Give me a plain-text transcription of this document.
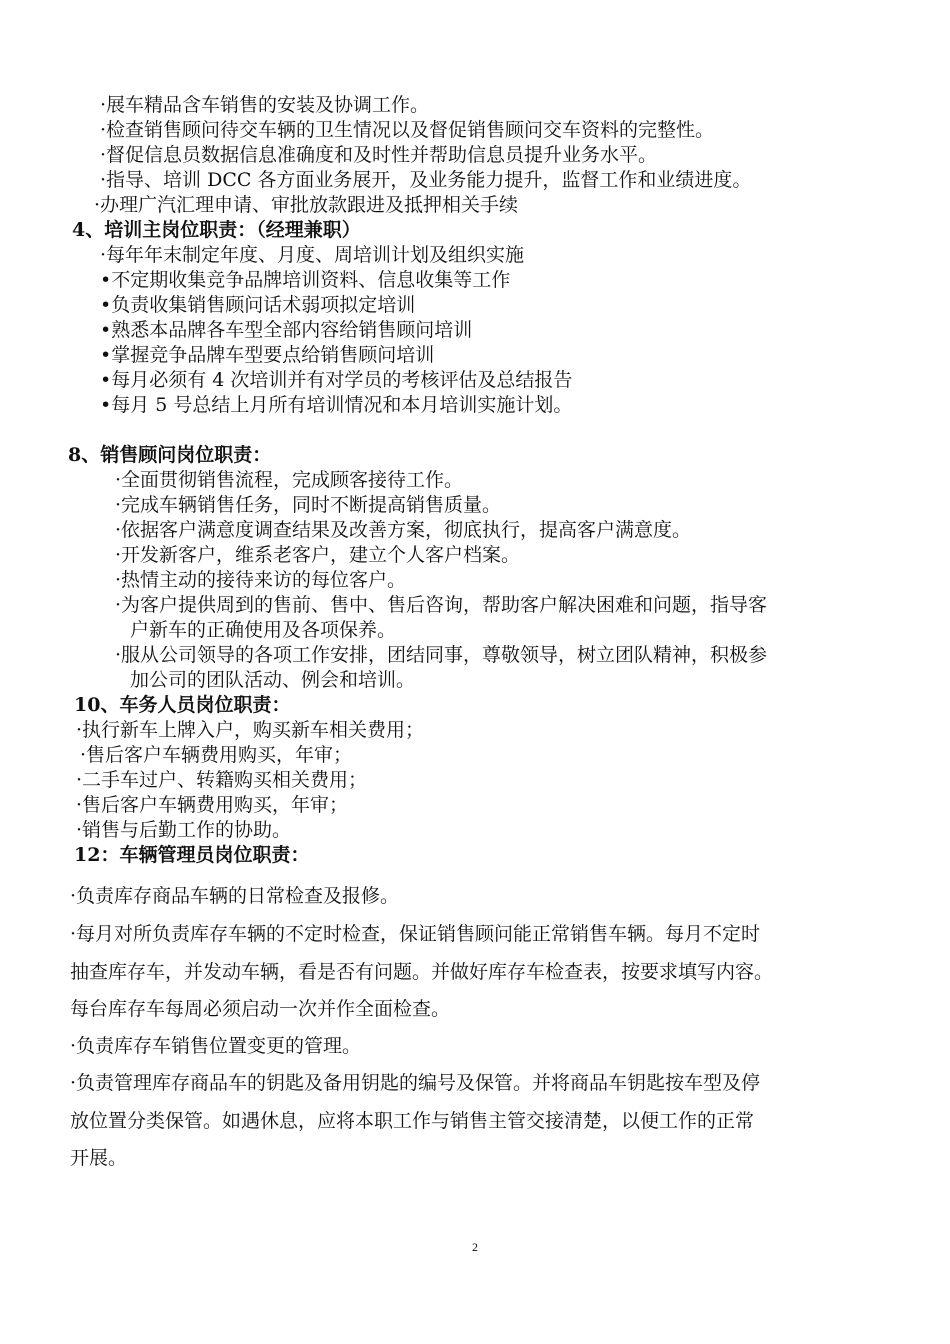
·展车精品含车销售的安装及协调工作。
·检查销售顾问待交车辆的卫生情况以及督促销售顾问交车资料的完整性。
·督促信息员数据信息准确度和及时性并帮助信息员提升业务水平。
·指导、培训 DCC 各方面业务展开，及业务能力提升，监督工作和业绩进度。
·办理广汽汇理申请、审批放款跟进及抵押相关手续
4、培训主岗位职责：（经理兼职）
·每年年末制定年度、月度、周培训计划及组织实施
•不定期收集竞争品牌培训资料、信息收集等工作
•负责收集销售顾问话术弱项拟定培训
•熟悉本品牌各车型全部内容给销售顾问培训
•掌握竞争品牌车型要点给销售顾问培训
•每月必须有 4 次培训并有对学员的考核评估及总结报告
•每月 5 号总结上月所有培训情况和本月培训实施计划。
8、销售顾问岗位职责：
·全面贯彻销售流程，完成顾客接待工作。
·完成车辆销售任务，同时不断提高销售质量。
·依据客户满意度调查结果及改善方案，彻底执行，提高客户满意度。
·开发新客户，维系老客户，建立个人客户档案。
·热情主动的接待来访的每位客户。
·为客户提供周到的售前、售中、售后咨询，帮助客户解决困难和问题，指导客
户新车的正确使用及各项保养。
·服从公司领导的各项工作安排，团结同事，尊敬领导，树立团队精神，积极参
加公司的团队活动、例会和培训。
10、车务人员岗位职责：
·执行新车上牌入户，购买新车相关费用；
·售后客户车辆费用购买，年审；
·二手车过户、转籍购买相关费用；
·售后客户车辆费用购买，年审；
·销售与后勤工作的协助。
12：车辆管理员岗位职责：
·负责库存商品车辆的日常检查及报修。
·每月对所负责库存车辆的不定时检查，保证销售顾问能正常销售车辆。每月不定时
抽查库存车，并发动车辆，看是否有问题。并做好库存车检查表，按要求填写内容。
每台库存车每周必须启动一次并作全面检查。
·负责库存车销售位置变更的管理。
·负责管理库存商品车的钥匙及备用钥匙的编号及保管。并将商品车钥匙按车型及停
放位置分类保管。如遇休息，应将本职工作与销售主管交接清楚，以便工作的正常
开展。
2
